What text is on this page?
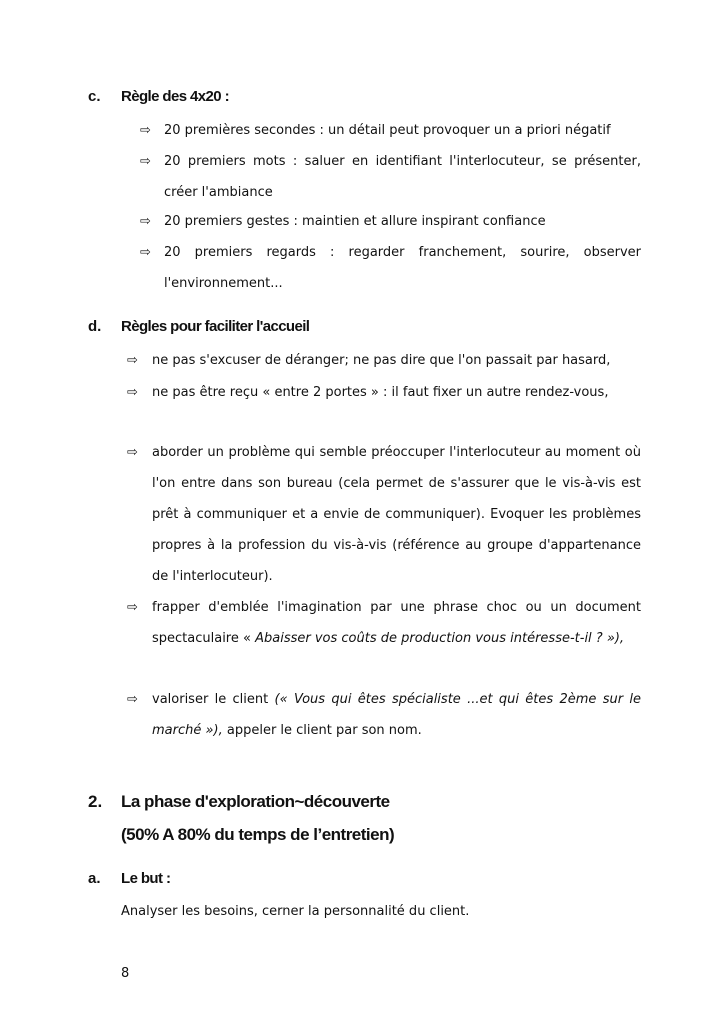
c. Règle des 4x20 :
⇨ 20 premières secondes : un détail peut provoquer un a priori négatif
⇨ 20 premiers mots : saluer en identifiant l'interlocuteur, se présenter, créer l'ambiance
⇨ 20 premiers gestes : maintien et allure inspirant confiance
⇨ 20 premiers regards : regarder franchement, sourire, observer l'environnement...
d. Règles pour faciliter l'accueil
⇨ ne pas s'excuser de déranger; ne pas dire que l'on passait par hasard,
⇨ ne pas être reçu « entre 2 portes » : il faut fixer un autre rendez-vous,
⇨ aborder un problème qui semble préoccuper l'interlocuteur au moment où l'on entre dans son bureau (cela permet de s'assurer que le vis-à-vis est prêt à communiquer et a envie de communiquer). Evoquer les problèmes propres à la profession du vis-à-vis (référence au groupe d'appartenance de l'interlocuteur).
⇨ frapper d'emblée l'imagination par une phrase choc ou un document spectaculaire « Abaisser vos coûts de production vous intéresse-t-il ? »),
⇨ valoriser le client (« Vous qui êtes spécialiste ...et qui êtes 2ème sur le marché »), appeler le client par son nom.
2. La phase d'exploration~découverte
(50% A 80% du temps de l’entretien)
a. Le but :
Analyser les besoins, cerner la personnalité du client.
8
